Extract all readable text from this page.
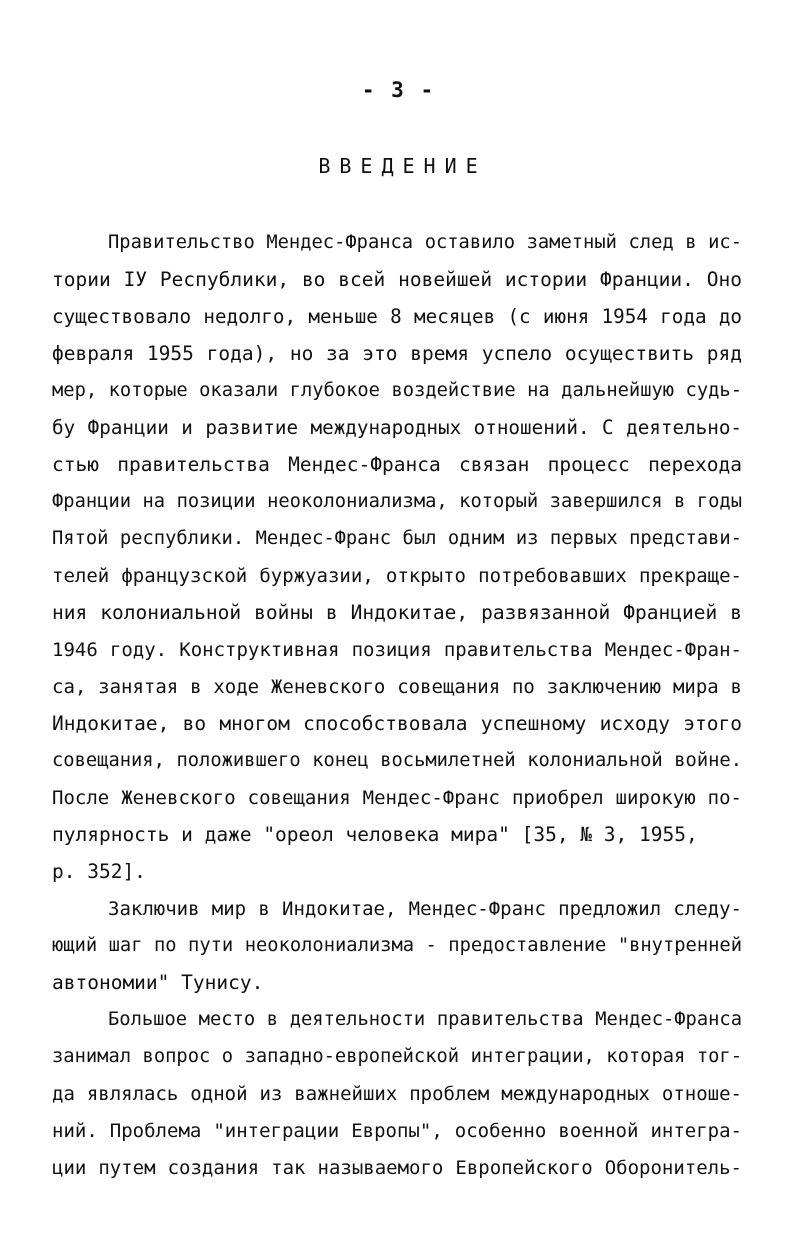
- 3 -
ВВЕДЕНИЕ
Правительство Мендес-Франса оставило заметный след в ис-
тории IУ Республики, во всей новейшей истории Франции. Оно
существовало недолго, меньше 8 месяцев (с июня 1954 года до
февраля 1955 года), но за это время успело осуществить ряд
мер, которые оказали глубокое воздействие на дальнейшую судь-
бу Франции и развитие международных отношений. С деятельно-
стью правительства Мендес-Франса связан процесс перехода
Франции на позиции неоколониализма, который завершился в годы
Пятой республики. Мендес-Франс был одним из первых представи-
телей французской буржуазии, открыто потребовавших прекраще-
ния колониальной войны в Индокитае, развязанной Францией в
1946 году. Конструктивная позиция правительства Мендес-Фран-
са, занятая в ходе Женевского совещания по заключению мира в
Индокитае, во многом способствовала успешному исходу этого
совещания, положившего конец восьмилетней колониальной войне.
После Женевского совещания Мендес-Франс приобрел широкую по-
пулярность и даже "ореол человека мира" [35, № 3, 1955,
р. 352].
Заключив мир в Индокитае, Мендес-Франс предложил следу-
ющий шаг по пути неоколониализма - предоставление "внутренней
автономии" Тунису.
Большое место в деятельности правительства Мендес-Франса
занимал вопрос о западно-европейской интеграции, которая тог-
да являлась одной из важнейших проблем международных отноше-
ний. Проблема "интеграции Европы", особенно военной интегра-
ции путем создания так называемого Европейского Оборонитель-
